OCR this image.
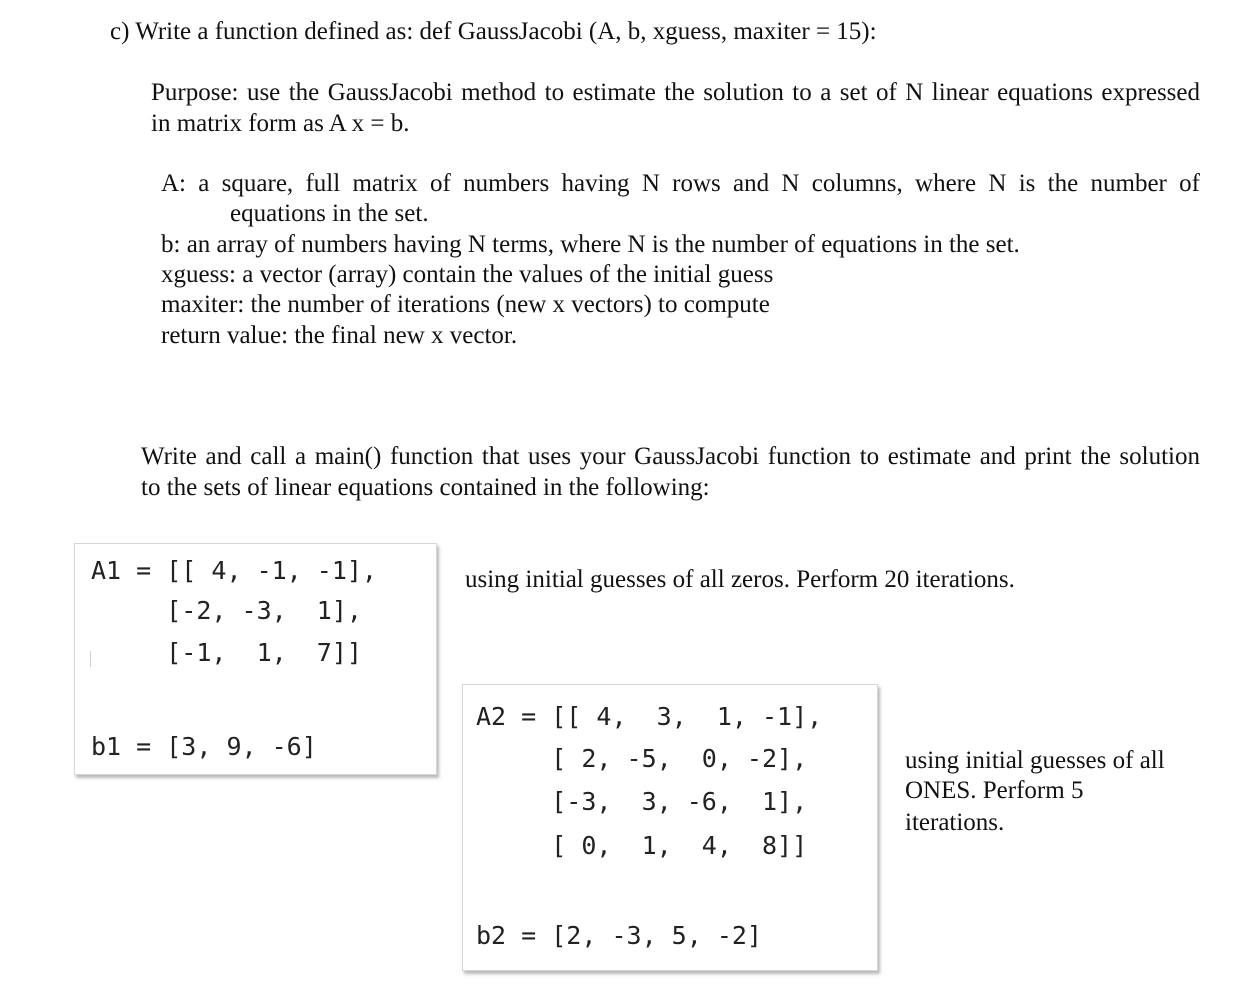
c) Write a function defined as: def GaussJacobi (A, b, xguess, maxiter = 15):

Purpose: use the GaussJacobi method to estimate the solution to a set of N linear equations expressed

in matrix form as A x = b.

A: a square, full matrix of numbers having N rows and N columns, where N is the number of

equations in the set.

b: an array of numbers having N terms, where N is the number of equations in the set.

xguess: a vector (array) contain the values of the initial guess

maxiter: the number of iterations (new x vectors) to compute

return value: the final new x vector.

Write and call a main() function that uses your GaussJacobi function to estimate and print the solution

to the sets of linear equations contained in the following:

A1 = [[ 4, -1, -1],
[-2, -3,  1],
[-1,  1,  7]]
b1 = [3, 9, -6]

using initial guesses of all zeros. Perform 20 iterations.

A2 = [[ 4,  3,  1, -1],
[ 2, -5,  0, -2],
[-3,  3, -6,  1],
[ 0,  1,  4,  8]]
b2 = [2, -3, 5, -2]

using initial guesses of all

ONES. Perform 5

iterations.
